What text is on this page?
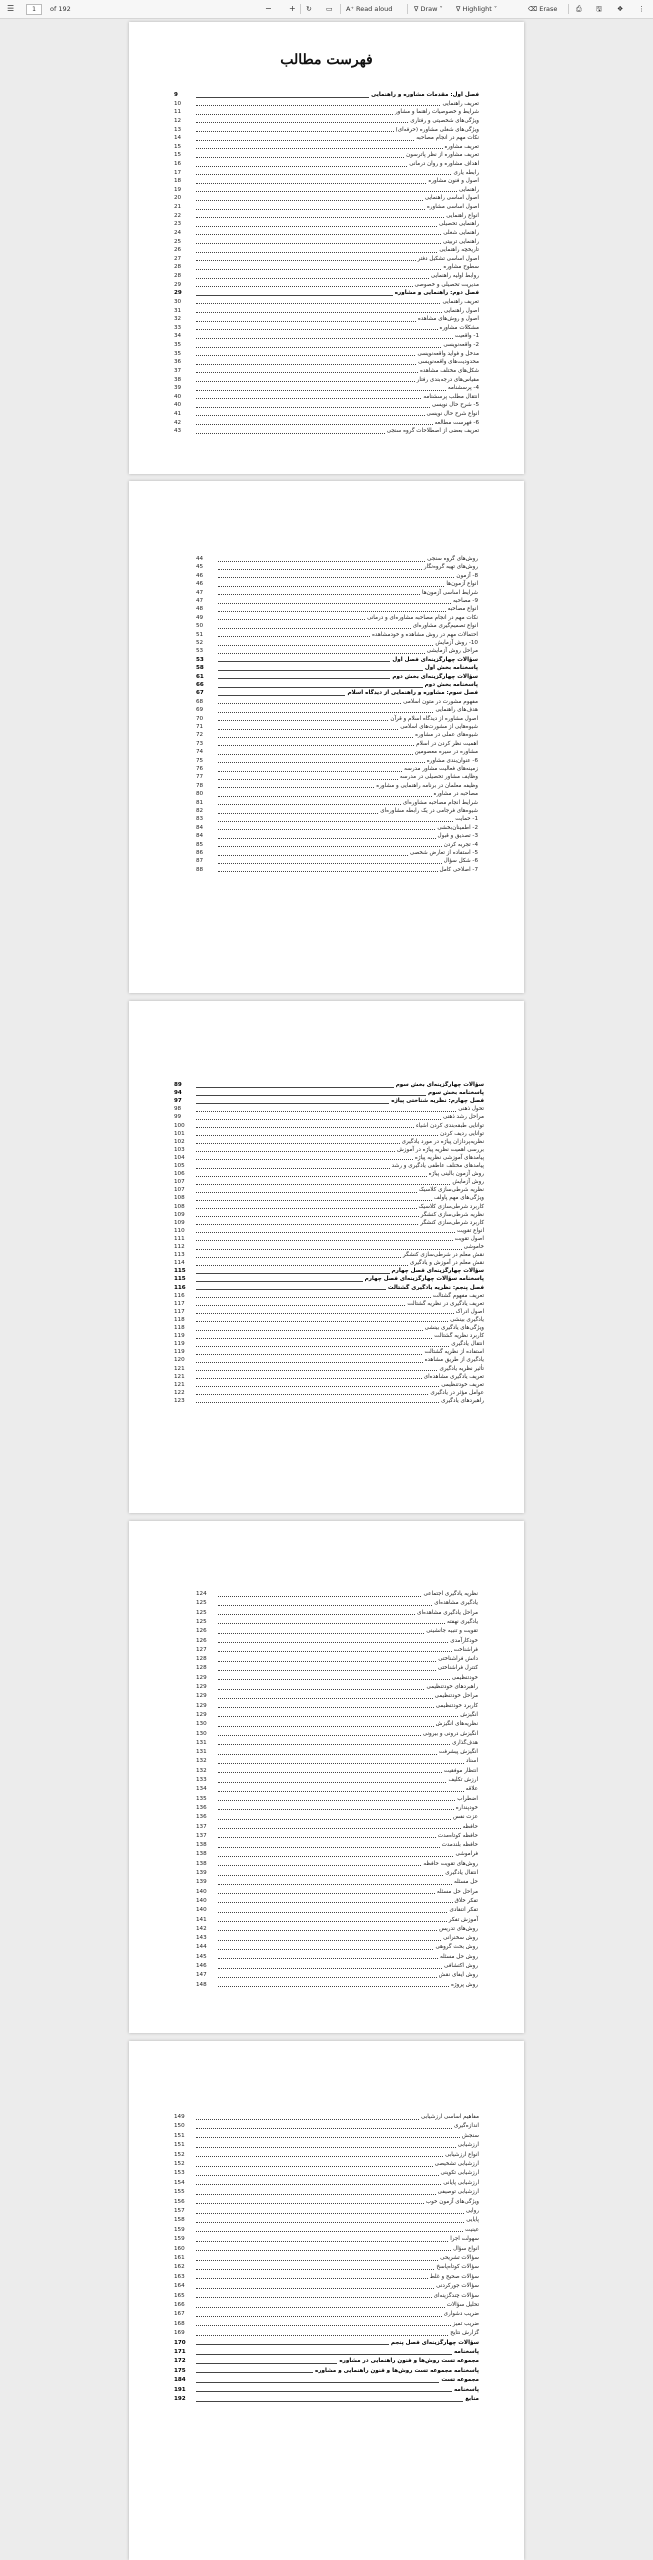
☰	1	of 192	− + ↻ ▭ A⁺ Read aloud	∇ Draw ˅ ∇ Highlight ˅	⌫ Erase	⎙ 🖫 ❖ ⋮
فهرست مطالب
9	فصل اول: مقدمات مشاوره و راهنمایی
10	تعریف راهنمایی
11	شرایط و خصوصیات راهنما و مشاور
12	ویژگی‌های شخصیتی و رفتاری
13	ویژگی‌های شغلی مشاوره (حرفه‌ای)
14	نکات مهم در انجام مصاحبه
15	تعریف مشاوره
15	تعریف مشاوره از نظر پاترسون
16	اهداف مشاوره و روان درمانی
17	رابطه یاری
18	اصول و فنون مشاوره
19	راهنمایی
20	اصول اساسی راهنمایی
21	اصول اساسی مشاوره
22	انواع راهنمایی
23	راهنمایی تحصیلی
24	راهنمایی شغلی
25	راهنمایی تربیتی
26	تاریخچه راهنمایی
27	اصول اساسی تشکیل دفتر
28	سطوح مشاوره
28	روابط اولیه راهنمایی
29	مدیریت تحصیلی و خصوصی
29	فصل دوم: راهنمایی و مشاوره
30	تعریف راهنمایی
31	اصول راهنمایی
32	اصول و روش‌های مشاهده
33	مشکلات مشاوره
34	1- واقعیت
35	2- واقعه‌نویسی
35	مدخل و فواید واقعه‌نویسی
36	محدودیت‌های واقعه‌نویسی
37	شکل‌های مختلف مشاهده
38	مقیاس‌های درجه‌بندی رفتار
39	4- پرسشنامه
40	انتقال مطلب پرسشنامه
40	5- شرح حال نویسی
41	انواع شرح حال نویسی
42	6- فهرست مطالعه
43	تعریف بعضی از اصطلاحات گروه سنجی
44	روش‌های گروه سنجی
45	روش‌های تهیه گروه‌نگار
46	8- آزمون
46	انواع آزمون‌ها
47	شرایط اساسی آزمون‌ها
47	9- مصاحبه
48	انواع مصاحبه
49	نکات مهم در انجام مصاحبه مشاوره‌ای و درمانی
50	انواع تصمیم‌گیری مشاوره‌ای
51	احتمالات مهم در روش مشاهده و خودمشاهده
52	10- روش آزمایش
53	مراحل روش آزمایشی
53	سؤالات چهارگزینه‌ای فصل اول
58	پاسخنامه بخش اول
61	سؤالات چهارگزینه‌ای بخش دوم
66	پاسخنامه بخش دوم
67	فصل سوم: مشاوره و راهنمایی از دیدگاه اسلام
68	مفهوم مشورت در متون اسلامی
69	هدف‌های راهنمایی
70	اصول مشاوره از دیدگاه اسلام و قرآن
71	شیوه‌هایی از مشورت‌های اسلامی
72	شیوه‌های عملی در مشاوره
73	اهمیت نظر کردن در اسلام
74	مشاوره در سیره معصومین
75	6- عنوان‌بندی مشاوره
76	زمینه‌های فعالیت مشاور مدرسه
77	وظایف مشاور تحصیلی در مدرسه
78	وظیفه معلمان در برنامه راهنمایی و مشاوره
80	مصاحبه در مشاوره
81	شرایط انجام مصاحبه مشاوره‌ای
82	شیوه‌های فرجامی در یک رابطه مشاوره‌ای
83	1- حمایت
84	2- اطمینان‌بخشی
84	3- تصدیق و قبول
85	4- تجربه کردن
86	5- استفاده از تعارض شخصی
87	6- شکل سؤال
88	7- اصلاحی کامل
89	سؤالات چهارگزینه‌ای بخش سوم
94	پاسخنامه بخش سوم
97	فصل چهارم: نظریه شناختی پیاژه
98	تحول ذهنی
99	مراحل رشد ذهنی
100	توانایی طبقه‌بندی کردن اشیاء
101	توانایی ردیف کردن
102	نظریه‌پردازان پیاژه در مورد یادگیری
103	بررسی اهمیت نظریه پیاژه در آموزش
104	پیامدهای آموزشی نظریه پیاژه
105	پیامدهای مختلف عاطفی یادگیری و رشد
106	روش آزمون بالینی پیاژه
107	روش آزمایش
107	نظریه شرطی‌سازی کلاسیک
108	ویژگی‌های مهم پاولف
108	کاربرد شرطی‌سازی کلاسیک
109	نظریه شرطی‌سازی کنشگر
109	کاربرد شرطی‌سازی کنشگر
110	انواع تقویت
111	اصول تقویت
112	خاموشی
113	نقش معلم در شرطی‌سازی کنشگر
114	نقش معلم در آموزش و یادگیری
115	سؤالات چهارگزینه‌ای فصل چهارم
115	پاسخنامه سؤالات چهارگزینه‌ای فصل چهارم
116	فصل پنجم: نظریه یادگیری گشتالت
116	تعریف مفهوم گشتالت
117	تعریف یادگیری در نظریه گشتالت
117	اصول ادراک
118	یادگیری بینشی
118	ویژگی‌های یادگیری بینشی
119	کاربرد نظریه گشتالت
119	انتقال یادگیری
119	استفاده از نظریه گشتالت
120	یادگیری از طریق مشاهده
121	تأثیر نظریه یادگیری
121	تعریف یادگیری مشاهده‌ای
121	تعریف خودتنظیمی
122	عوامل مؤثر در یادگیری
123	راهبردهای یادگیری
124	نظریه یادگیری اجتماعی
125	یادگیری مشاهده‌ای
125	مراحل یادگیری مشاهده‌ای
125	یادگیری نهفته
126	تقویت و تنبیه جانشینی
126	خودکارآمدی
127	فراشناخت
128	دانش فراشناختی
128	کنترل فراشناختی
129	خودتنظیمی
129	راهبردهای خودتنظیمی
129	مراحل خودتنظیمی
129	کاربرد خودتنظیمی
129	انگیزش
130	نظریه‌های انگیزش
130	انگیزش درونی و بیرونی
131	هدف‌گذاری
131	انگیزش پیشرفت
132	اسناد
132	انتظار موفقیت
133	ارزش تکلیف
134	علاقه
135	اضطراب
136	خودپنداره
136	عزت نفس
137	حافظه
137	حافظه کوتاه‌مدت
138	حافظه بلندمدت
138	فراموشی
138	روش‌های تقویت حافظه
139	انتقال یادگیری
139	حل مسئله
140	مراحل حل مسئله
140	تفکر خلاق
140	تفکر انتقادی
141	آموزش تفکر
142	روش‌های تدریس
143	روش سخنرانی
144	روش بحث گروهی
145	روش حل مسئله
146	روش اکتشافی
147	روش ایفای نقش
148	روش پروژه
149	مفاهیم اساسی ارزشیابی
150	اندازه‌گیری
151	سنجش
151	ارزشیابی
152	انواع ارزشیابی
152	ارزشیابی تشخیصی
153	ارزشیابی تکوینی
154	ارزشیابی پایانی
155	ارزشیابی توصیفی
156	ویژگی‌های آزمون خوب
157	روایی
158	پایایی
159	عینیت
159	سهولت اجرا
160	انواع سؤال
161	سؤالات تشریحی
162	سؤالات کوتاه‌پاسخ
163	سؤالات صحیح و غلط
164	سؤالات جورکردنی
165	سؤالات چندگزینه‌ای
166	تحلیل سؤالات
167	ضریب دشواری
168	ضریب تمیز
169	گزارش نتایج
170	سؤالات چهارگزینه‌ای فصل پنجم
171	پاسخنامه
172	مجموعه تست روش‌ها و فنون راهنمایی در مشاوره
175	پاسخنامه مجموعه تست روش‌ها و فنون راهنمایی و مشاوره
184	مجموعه تست
191	پاسخنامه
192	منابع
